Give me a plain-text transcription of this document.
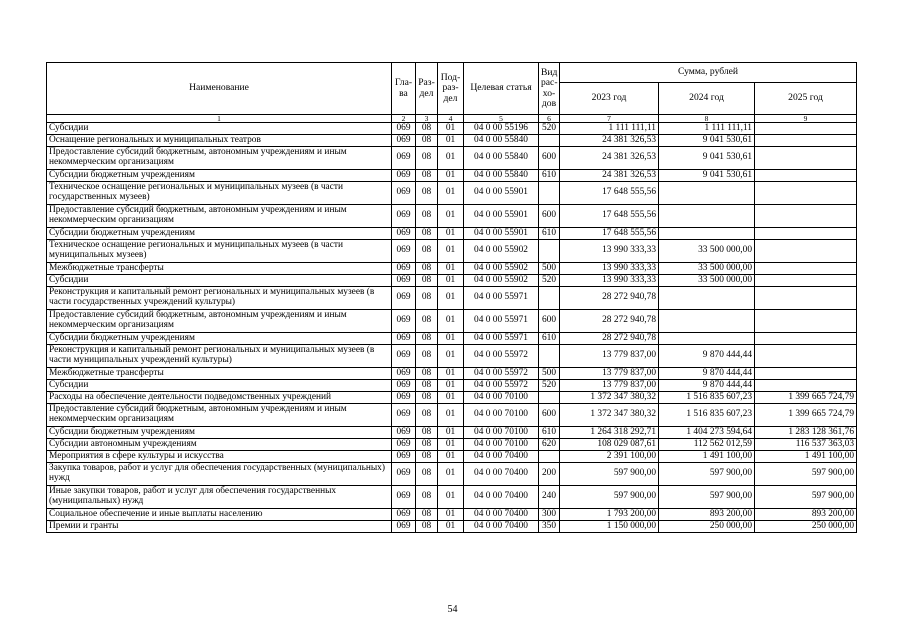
Наименование	Гла-ва	Раз-дел	Под-раз-дел	Целевая статья	Вид рас-хо-дов	Сумма, рублей		
						2023 год	2024 год	2025 год
1	2	3	4	5	6	7	8	9
Субсидии	069	08	01	04 0 00 55196	520	1 111 111,11	1 111 111,11	
Оснащение региональных и муниципальных театров	069	08	01	04 0 00 55840		24 381 326,53	9 041 530,61	
Предоставление субсидий бюджетным, автономным учреждениям и иным некоммерческим организациям	069	08	01	04 0 00 55840	600	24 381 326,53	9 041 530,61	
Субсидии бюджетным учреждениям	069	08	01	04 0 00 55840	610	24 381 326,53	9 041 530,61	
Техническое оснащение региональных и муниципальных музеев (в части государственных музеев)	069	08	01	04 0 00 55901		17 648 555,56		
Предоставление субсидий бюджетным, автономным учреждениям и иным некоммерческим организациям	069	08	01	04 0 00 55901	600	17 648 555,56		
Субсидии бюджетным учреждениям	069	08	01	04 0 00 55901	610	17 648 555,56		
Техническое оснащение региональных и муниципальных музеев (в части муниципальных музеев)	069	08	01	04 0 00 55902		13 990 333,33	33 500 000,00	
Межбюджетные трансферты	069	08	01	04 0 00 55902	500	13 990 333,33	33 500 000,00	
Субсидии	069	08	01	04 0 00 55902	520	13 990 333,33	33 500 000,00	
Реконструкция и капитальный ремонт региональных и муниципальных музеев (в части государственных учреждений культуры)	069	08	01	04 0 00 55971		28 272 940,78		
Предоставление субсидий бюджетным, автономным учреждениям и иным некоммерческим организациям	069	08	01	04 0 00 55971	600	28 272 940,78		
Субсидии бюджетным учреждениям	069	08	01	04 0 00 55971	610	28 272 940,78		
Реконструкция и капитальный ремонт региональных и муниципальных музеев (в части муниципальных учреждений культуры)	069	08	01	04 0 00 55972		13 779 837,00	9 870 444,44	
Межбюджетные трансферты	069	08	01	04 0 00 55972	500	13 779 837,00	9 870 444,44	
Субсидии	069	08	01	04 0 00 55972	520	13 779 837,00	9 870 444,44	
Расходы на обеспечение деятельности подведомственных учреждений	069	08	01	04 0 00 70100		1 372 347 380,32	1 516 835 607,23	1 399 665 724,79
Предоставление субсидий бюджетным, автономным учреждениям и иным некоммерческим организациям	069	08	01	04 0 00 70100	600	1 372 347 380,32	1 516 835 607,23	1 399 665 724,79
Субсидии бюджетным учреждениям	069	08	01	04 0 00 70100	610	1 264 318 292,71	1 404 273 594,64	1 283 128 361,76
Субсидии автономным учреждениям	069	08	01	04 0 00 70100	620	108 029 087,61	112 562 012,59	116 537 363,03
Мероприятия в сфере культуры и искусства	069	08	01	04 0 00 70400		2 391 100,00	1 491 100,00	1 491 100,00
Закупка товаров, работ и услуг для обеспечения государственных (муниципальных) нужд	069	08	01	04 0 00 70400	200	597 900,00	597 900,00	597 900,00
Иные закупки товаров, работ и услуг для обеспечения государственных (муниципальных) нужд	069	08	01	04 0 00 70400	240	597 900,00	597 900,00	597 900,00
Социальное обеспечение и иные выплаты населению	069	08	01	04 0 00 70400	300	1 793 200,00	893 200,00	893 200,00
Премии и гранты	069	08	01	04 0 00 70400	350	1 150 000,00	250 000,00	250 000,00
54
